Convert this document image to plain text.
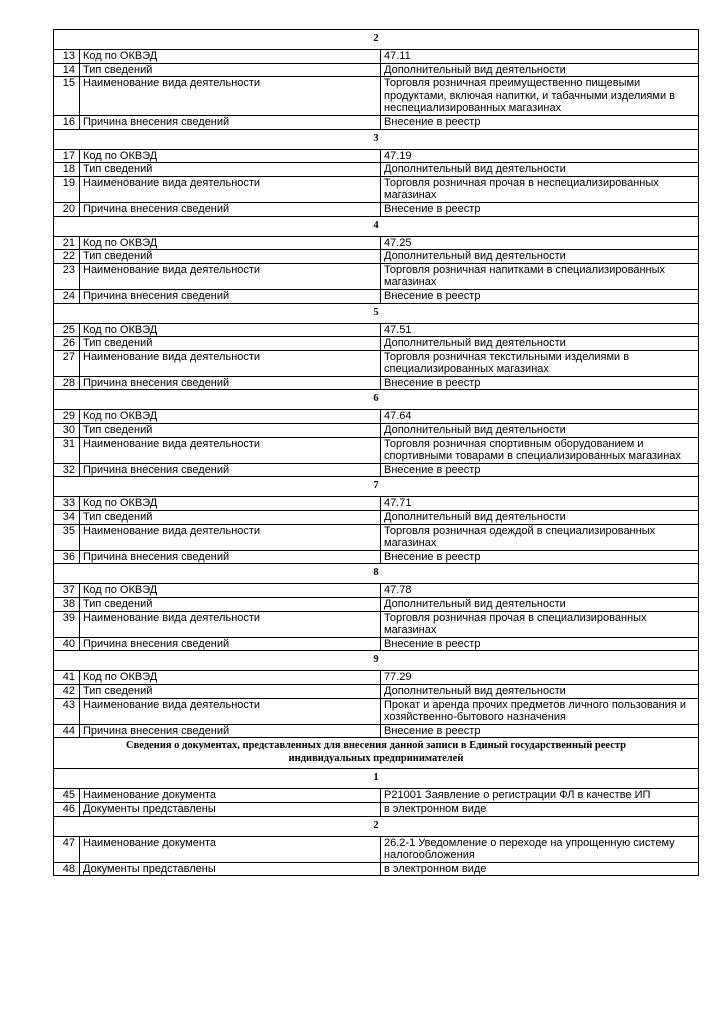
2		
13	Код по ОКВЭД	47.11
14	Тип сведений	Дополнительный вид деятельности
15	Наименование вида деятельности	Торговля розничная преимущественно пищевыми продуктами, включая напитки, и табачными изделиями в неспециализированных магазинах
16	Причина внесения сведений	Внесение в реестр
3		
17	Код по ОКВЭД	47.19
18	Тип сведений	Дополнительный вид деятельности
19	Наименование вида деятельности	Торговля розничная прочая в неспециализированных магазинах
20	Причина внесения сведений	Внесение в реестр
4		
21	Код по ОКВЭД	47.25
22	Тип сведений	Дополнительный вид деятельности
23	Наименование вида деятельности	Торговля розничная напитками в специализированных магазинах
24	Причина внесения сведений	Внесение в реестр
5		
25	Код по ОКВЭД	47.51
26	Тип сведений	Дополнительный вид деятельности
27	Наименование вида деятельности	Торговля розничная текстильными изделиями в специализированных магазинах
28	Причина внесения сведений	Внесение в реестр
6		
29	Код по ОКВЭД	47.64
30	Тип сведений	Дополнительный вид деятельности
31	Наименование вида деятельности	Торговля розничная спортивным оборудованием и спортивными товарами в специализированных магазинах
32	Причина внесения сведений	Внесение в реестр
7		
33	Код по ОКВЭД	47.71
34	Тип сведений	Дополнительный вид деятельности
35	Наименование вида деятельности	Торговля розничная одеждой в специализированных магазинах
36	Причина внесения сведений	Внесение в реестр
8		
37	Код по ОКВЭД	47.78
38	Тип сведений	Дополнительный вид деятельности
39	Наименование вида деятельности	Торговля розничная прочая в специализированных магазинах
40	Причина внесения сведений	Внесение в реестр
9		
41	Код по ОКВЭД	77.29
42	Тип сведений	Дополнительный вид деятельности
43	Наименование вида деятельности	Прокат и аренда прочих предметов личного пользования и хозяйственно-бытового назначения
44	Причина внесения сведений	Внесение в реестр
Сведения о документах, представленных для внесения данной записи в Единый государственный реестр индивидуальных предпринимателей		
1		
45	Наименование документа	Р21001 Заявление о регистрации ФЛ в качестве ИП
46	Документы представлены	в электронном виде
2		
47	Наименование документа	26.2-1 Уведомление о переходе на упрощенную систему налогообложения
48	Документы представлены	в электронном виде
